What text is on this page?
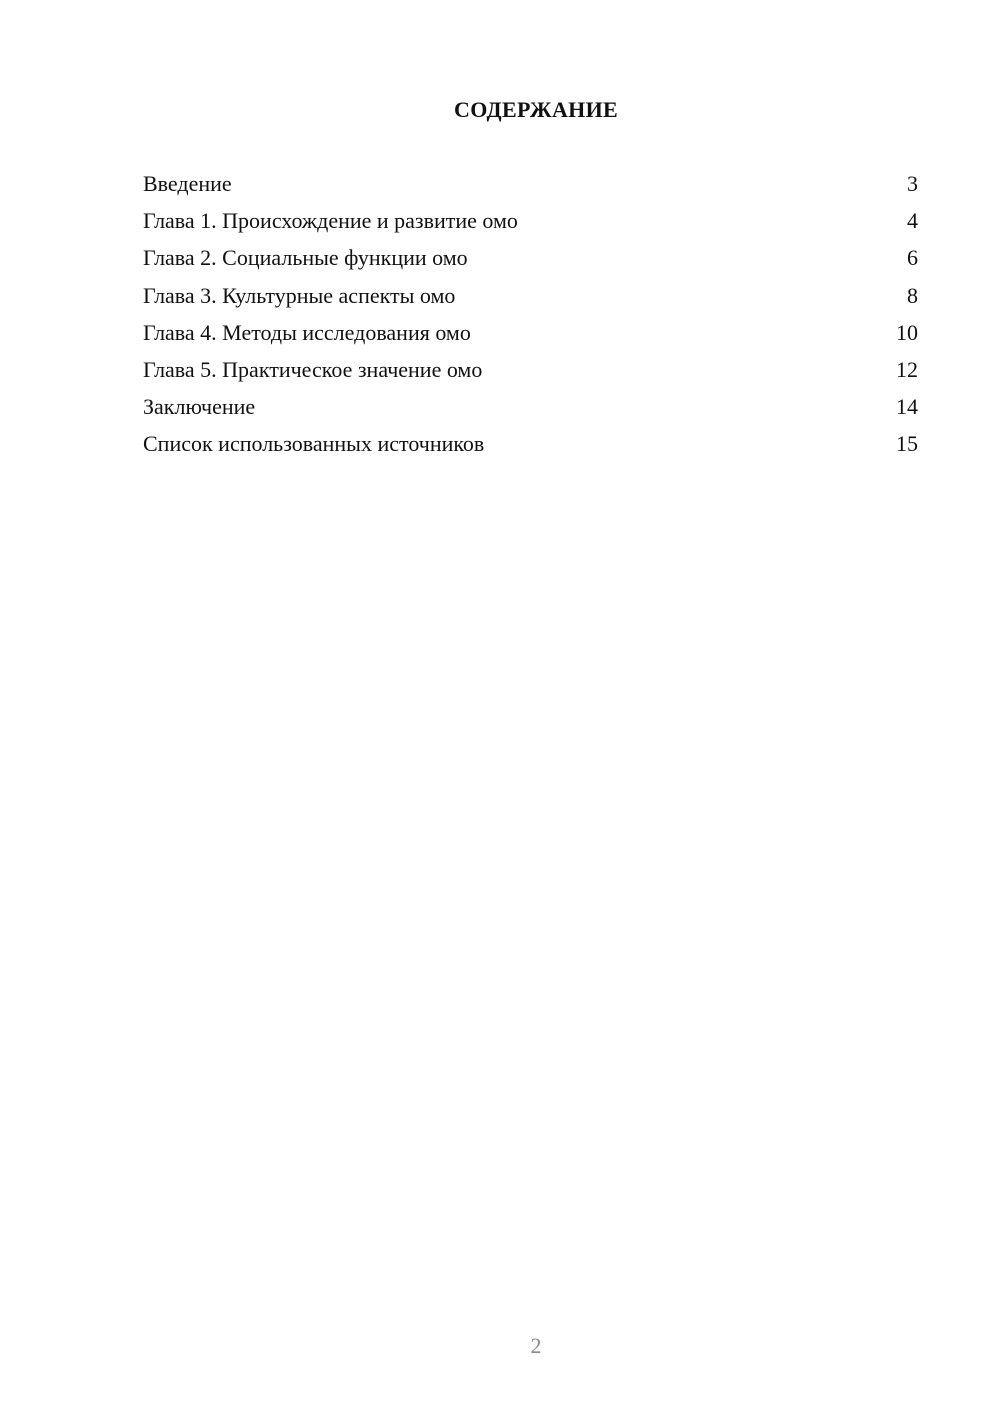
СОДЕРЖАНИЕ
Введение	3
Глава 1. Происхождение и развитие омо	4
Глава 2. Социальные функции омо	6
Глава 3. Культурные аспекты омо	8
Глава 4. Методы исследования омо	10
Глава 5. Практическое значение омо	12
Заключение	14
Список использованных источников	15
2
